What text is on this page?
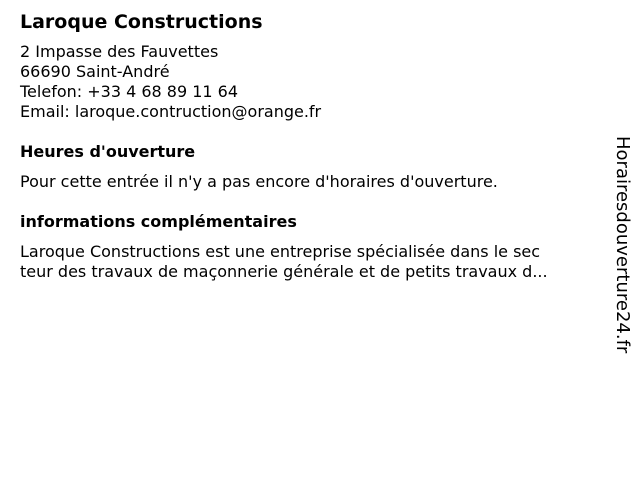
Laroque Constructions
2 Impasse des Fauvettes
66690 Saint-André
Telefon: +33 4 68 89 11 64
Email: laroque.contruction@orange.fr
Heures d'ouverture
Pour cette entrée il n'y a pas encore d'horaires d'ouverture.
informations complémentaires
Laroque Constructions est une entreprise spécialisée dans le sec
teur des travaux de maçonnerie générale et de petits travaux d...	Horairesdouverture24.fr
